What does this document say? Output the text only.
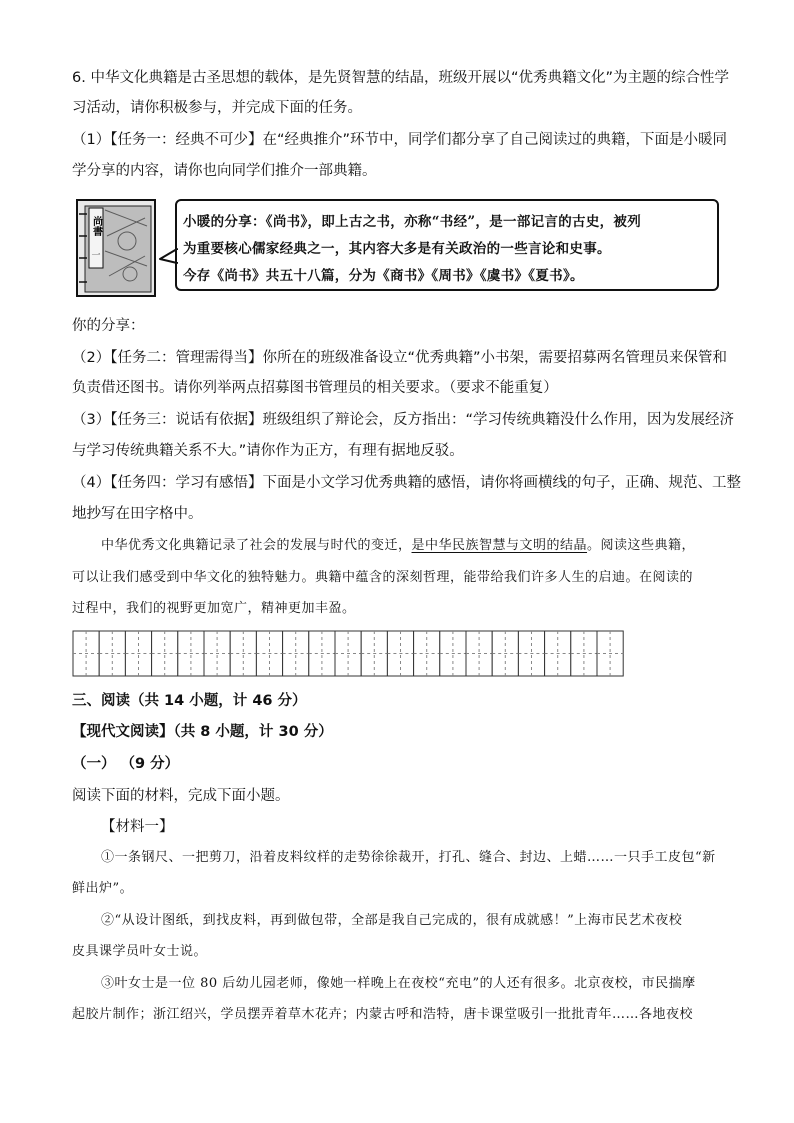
6. 中华文化典籍是古圣思想的载体，是先贤智慧的结晶，班级开展以“优秀典籍文化”为主题的综合性学
习活动，请你积极参与，并完成下面的任务。
（1）【任务一：经典不可少】在“经典推介”环节中，同学们都分享了自己阅读过的典籍，下面是小暖同
学分享的内容，请你也向同学们推介一部典籍。
尚書
一
小暖的分享：《尚书》，即上古之书，亦称“书经”，是一部记言的古史，被列
为重要核心儒家经典之一，其内容大多是有关政治的一些言论和史事。
今存《尚书》共五十八篇，分为《商书》《周书》《虞书》《夏书》。
你的分享：
（2）【任务二：管理需得当】你所在的班级准备设立“优秀典籍”小书架，需要招募两名管理员来保管和
负责借还图书。请你列举两点招募图书管理员的相关要求。（要求不能重复）
（3）【任务三：说话有依据】班级组织了辩论会，反方指出：“学习传统典籍没什么作用，因为发展经济
与学习传统典籍关系不大。”请你作为正方，有理有据地反驳。
（4）【任务四：学习有感悟】下面是小文学习优秀典籍的感悟，请你将画横线的句子，正确、规范、工整
地抄写在田字格中。
中华优秀文化典籍记录了社会的发展与时代的变迁，是中华民族智慧与文明的结晶。阅读这些典籍，
可以让我们感受到中华文化的独特魅力。典籍中蕴含的深刻哲理，能带给我们许多人生的启迪。在阅读的
过程中，我们的视野更加宽广，精神更加丰盈。
三、阅读（共 14 小题，计 46 分）
【现代文阅读】（共 8 小题，计 30 分）
（一） （9 分）
阅读下面的材料，完成下面小题。
【材料一】
①一条钢尺、一把剪刀，沿着皮料纹样的走势徐徐裁开，打孔、缝合、封边、上蜡……一只手工皮包“新
鲜出炉”。
②“从设计图纸，到找皮料，再到做包带，全部是我自己完成的，很有成就感！”上海市民艺术夜校
皮具课学员叶女士说。
③叶女士是一位 80 后幼儿园老师，像她一样晚上在夜校“充电”的人还有很多。北京夜校，市民揣摩
起胶片制作；浙江绍兴，学员摆弄着草木花卉；内蒙古呼和浩特，唐卡课堂吸引一批批青年……各地夜校
